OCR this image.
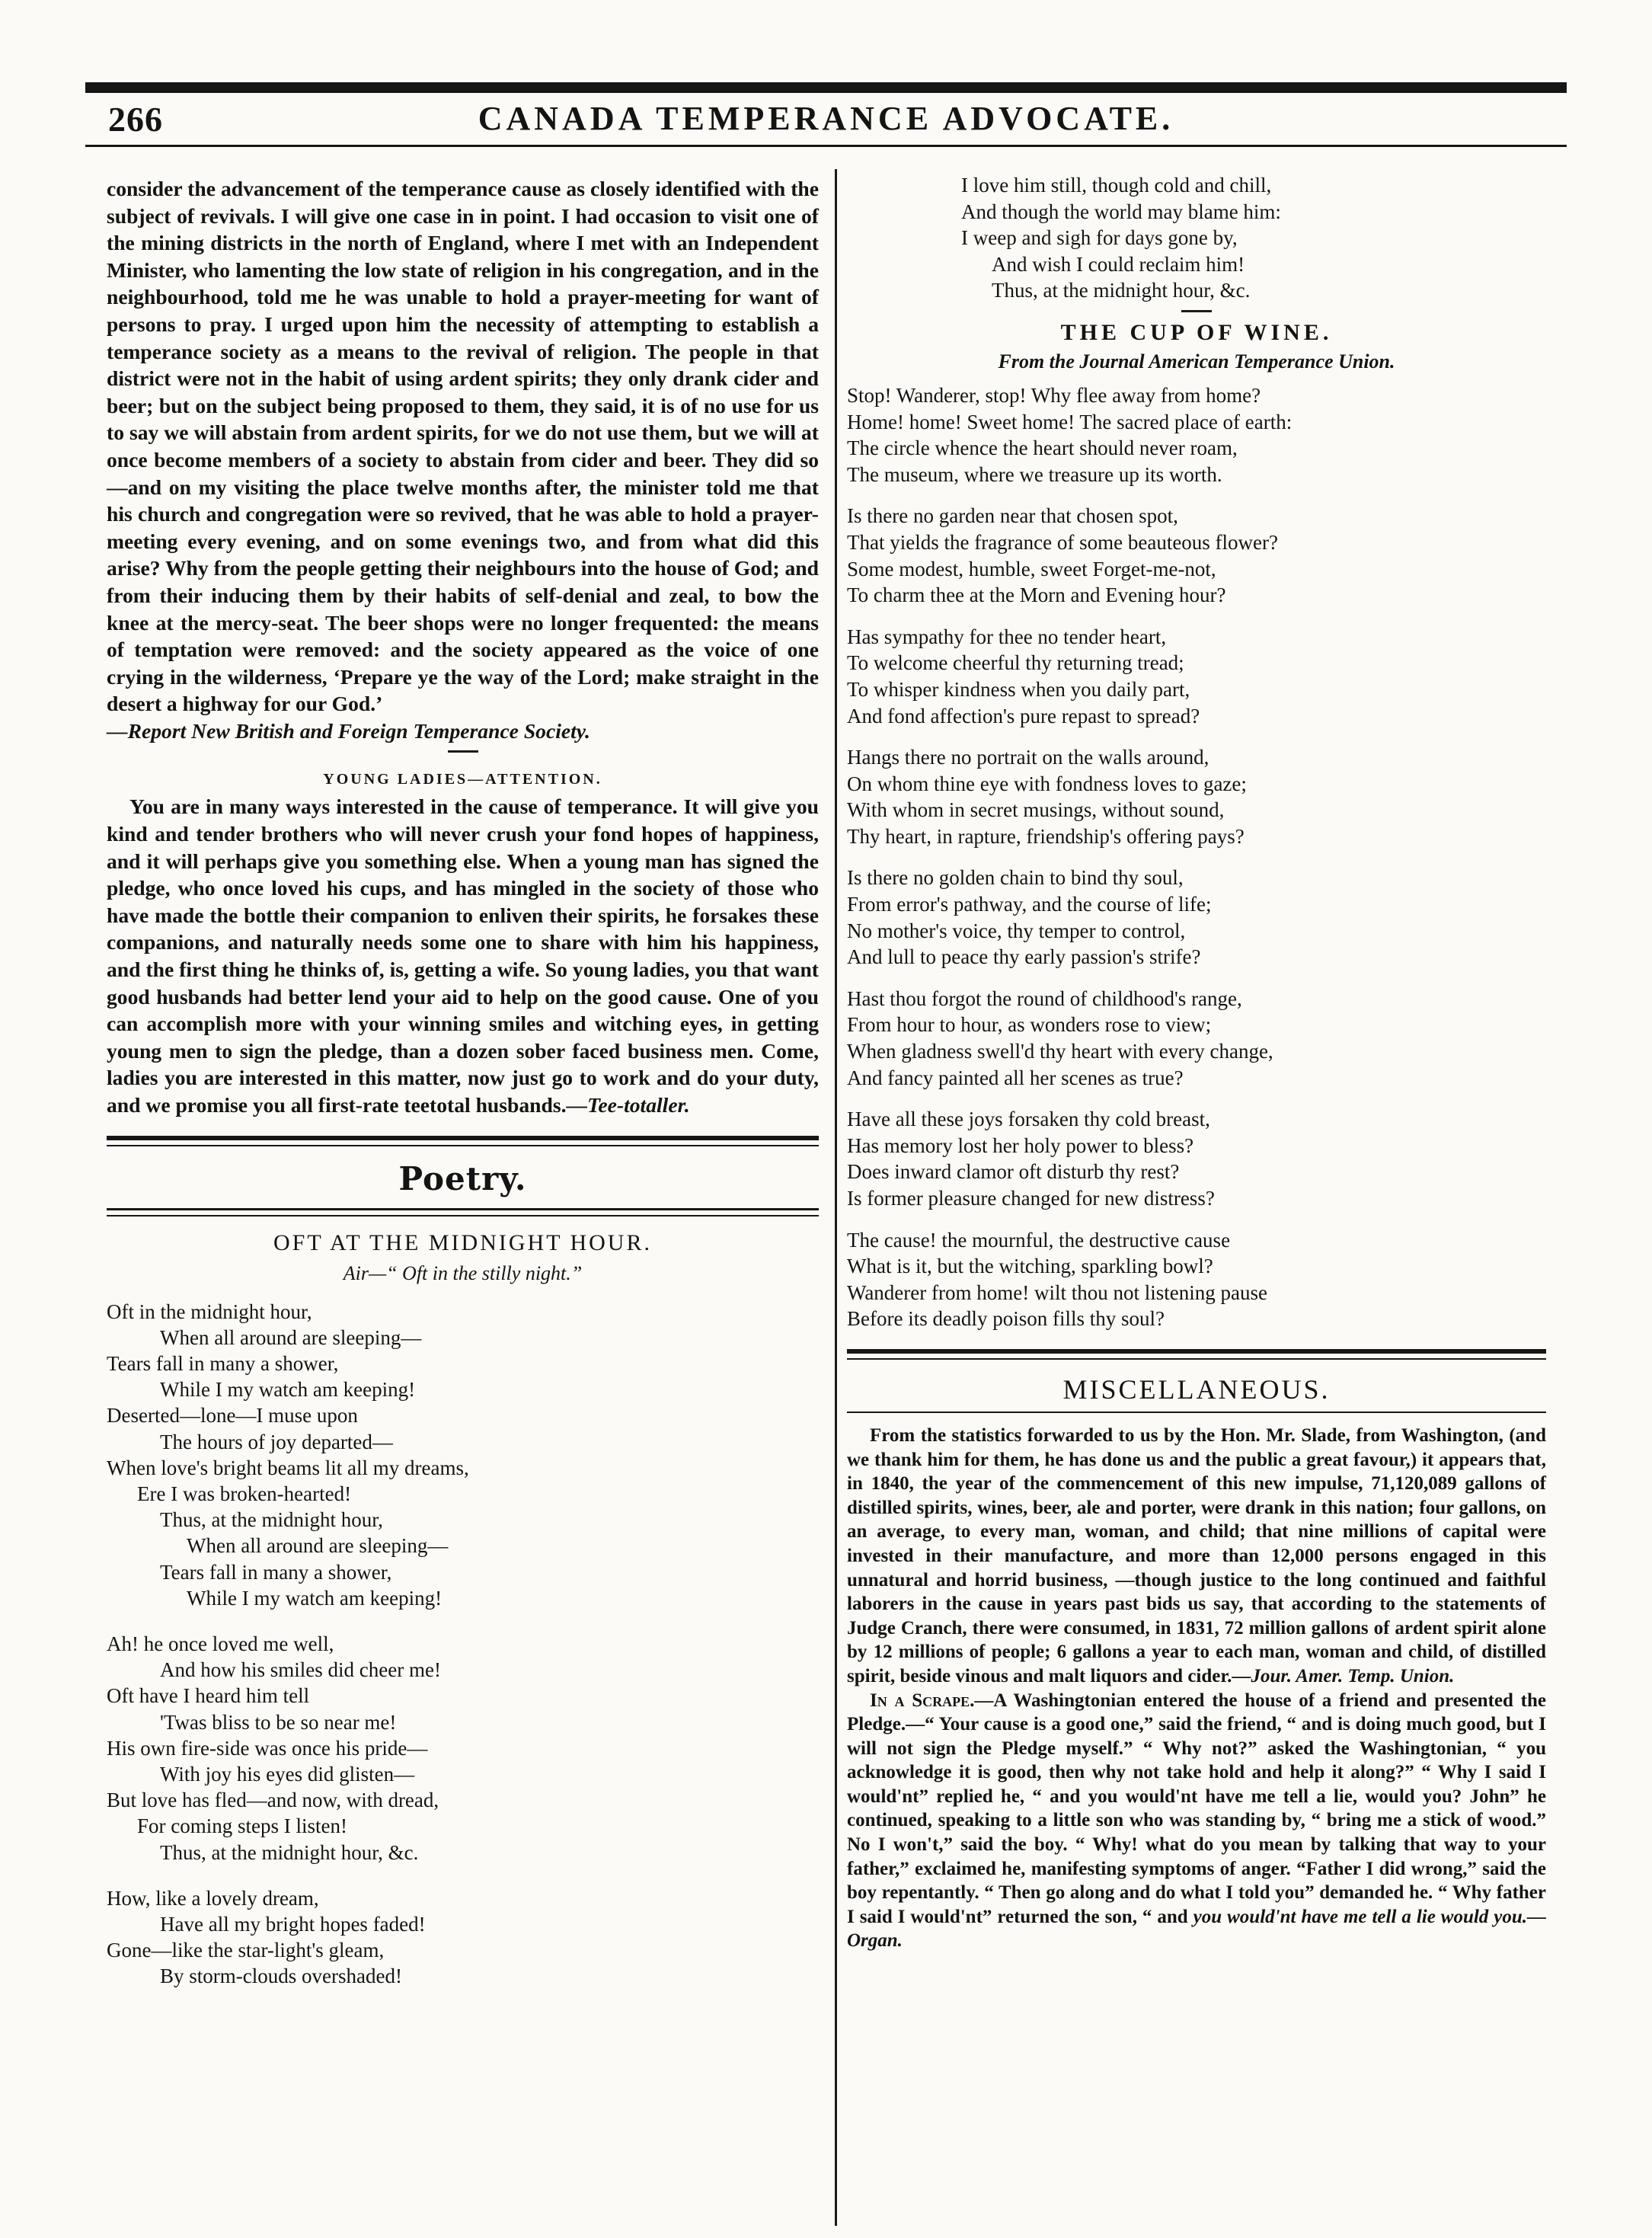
266	CANADA TEMPERANCE ADVOCATE.

consider the advancement of the temperance cause as closely identified with the subject of revivals. I will give one case in in point. I had occasion to visit one of the mining districts in the north of England, where I met with an Independent Minister, who lamenting the low state of religion in his congregation, and in the neighbourhood, told me he was unable to hold a prayer-meeting for want of persons to pray. I urged upon him the necessity of attempting to establish a temperance society as a means to the revival of religion. The people in that district were not in the habit of using ardent spirits; they only drank cider and beer; but on the subject being proposed to them, they said, it is of no use for us to say we will abstain from ardent spirits, for we do not use them, but we will at once become members of a society to abstain from cider and beer. They did so—and on my visiting the place twelve months after, the minister told me that his church and congregation were so revived, that he was able to hold a prayer-meeting every evening, and on some evenings two, and from what did this arise? Why from the people getting their neighbours into the house of God; and from their inducing them by their habits of self-denial and zeal, to bow the knee at the mercy-seat. The beer shops were no longer frequented: the means of temptation were removed: and the society appeared as the voice of one crying in the wilderness, ‘Prepare ye the way of the Lord; make straight in the desert a highway for our God.’

—Report New British and Foreign Temperance Society.

YOUNG LADIES—ATTENTION.

You are in many ways interested in the cause of temperance. It will give you kind and tender brothers who will never crush your fond hopes of happiness, and it will perhaps give you something else. When a young man has signed the pledge, who once loved his cups, and has mingled in the society of those who have made the bottle their companion to enliven their spirits, he forsakes these companions, and naturally needs some one to share with him his happiness, and the first thing he thinks of, is, getting a wife. So young ladies, you that want good husbands had better lend your aid to help on the good cause. One of you can accomplish more with your winning smiles and witching eyes, in getting young men to sign the pledge, than a dozen sober faced business men. Come, ladies you are interested in this matter, now just go to work and do your duty, and we promise you all first-rate teetotal husbands.—Tee-totaller.

Poetry.
OFT AT THE MIDNIGHT HOUR.
Air—“ Oft in the stilly night.”
Oft in the midnight hour,
When all around are sleeping—
Tears fall in many a shower,
While I my watch am keeping!
Deserted—lone—I muse upon
The hours of joy departed—
When love's bright beams lit all my dreams,
Ere I was broken-hearted!
Thus, at the midnight hour,
When all around are sleeping—
Tears fall in many a shower,
While I my watch am keeping!
Ah! he once loved me well,
And how his smiles did cheer me!
Oft have I heard him tell
'Twas bliss to be so near me!
His own fire-side was once his pride—
With joy his eyes did glisten—
But love has fled—and now, with dread,
For coming steps I listen!
Thus, at the midnight hour, &c.
How, like a lovely dream,
Have all my bright hopes faded!
Gone—like the star-light's gleam,
By storm-clouds overshaded!
I love him still, though cold and chill,
And though the world may blame him:
I weep and sigh for days gone by,
And wish I could reclaim him!
Thus, at the midnight hour, &c.
THE CUP OF WINE.
From the Journal American Temperance Union.
Stop! Wanderer, stop! Why flee away from home?
Home! home! Sweet home! The sacred place of earth:
The circle whence the heart should never roam,
The museum, where we treasure up its worth.
Is there no garden near that chosen spot,
That yields the fragrance of some beauteous flower?
Some modest, humble, sweet Forget-me-not,
To charm thee at the Morn and Evening hour?
Has sympathy for thee no tender heart,
To welcome cheerful thy returning tread;
To whisper kindness when you daily part,
And fond affection's pure repast to spread?
Hangs there no portrait on the walls around,
On whom thine eye with fondness loves to gaze;
With whom in secret musings, without sound,
Thy heart, in rapture, friendship's offering pays?
Is there no golden chain to bind thy soul,
From error's pathway, and the course of life;
No mother's voice, thy temper to control,
And lull to peace thy early passion's strife?
Hast thou forgot the round of childhood's range,
From hour to hour, as wonders rose to view;
When gladness swell'd thy heart with every change,
And fancy painted all her scenes as true?
Have all these joys forsaken thy cold breast,
Has memory lost her holy power to bless?
Does inward clamor oft disturb thy rest?
Is former pleasure changed for new distress?
The cause! the mournful, the destructive cause
What is it, but the witching, sparkling bowl?
Wanderer from home! wilt thou not listening pause
Before its deadly poison fills thy soul?
MISCELLANEOUS.

From the statistics forwarded to us by the Hon. Mr. Slade, from Washington, (and we thank him for them, he has done us and the public a great favour,) it appears that, in 1840, the year of the commencement of this new impulse, 71,120,089 gallons of distilled spirits, wines, beer, ale and porter, were drank in this nation; four gallons, on an average, to every man, woman, and child; that nine millions of capital were invested in their manufacture, and more than 12,000 persons engaged in this unnatural and horrid business, —though justice to the long continued and faithful laborers in the cause in years past bids us say, that according to the statements of Judge Cranch, there were consumed, in 1831, 72 million gallons of ardent spirit alone by 12 millions of people; 6 gallons a year to each man, woman and child, of distilled spirit, beside vinous and malt liquors and cider.—Jour. Amer. Temp. Union.

In a Scrape.—A Washingtonian entered the house of a friend and presented the Pledge.—“ Your cause is a good one,” said the friend, “ and is doing much good, but I will not sign the Pledge myself.” “ Why not?” asked the Washingtonian, “ you acknowledge it is good, then why not take hold and help it along?” “ Why I said I would'nt” replied he, “ and you would'nt have me tell a lie, would you? John” he continued, speaking to a little son who was standing by, “ bring me a stick of wood.” No I won't,” said the boy. “ Why! what do you mean by talking that way to your father,” exclaimed he, manifesting symptoms of anger. “Father I did wrong,” said the boy repentantly. “ Then go along and do what I told you” demanded he. “ Why father I said I would'nt” returned the son, “ and you would'nt have me tell a lie would you.—Organ.
